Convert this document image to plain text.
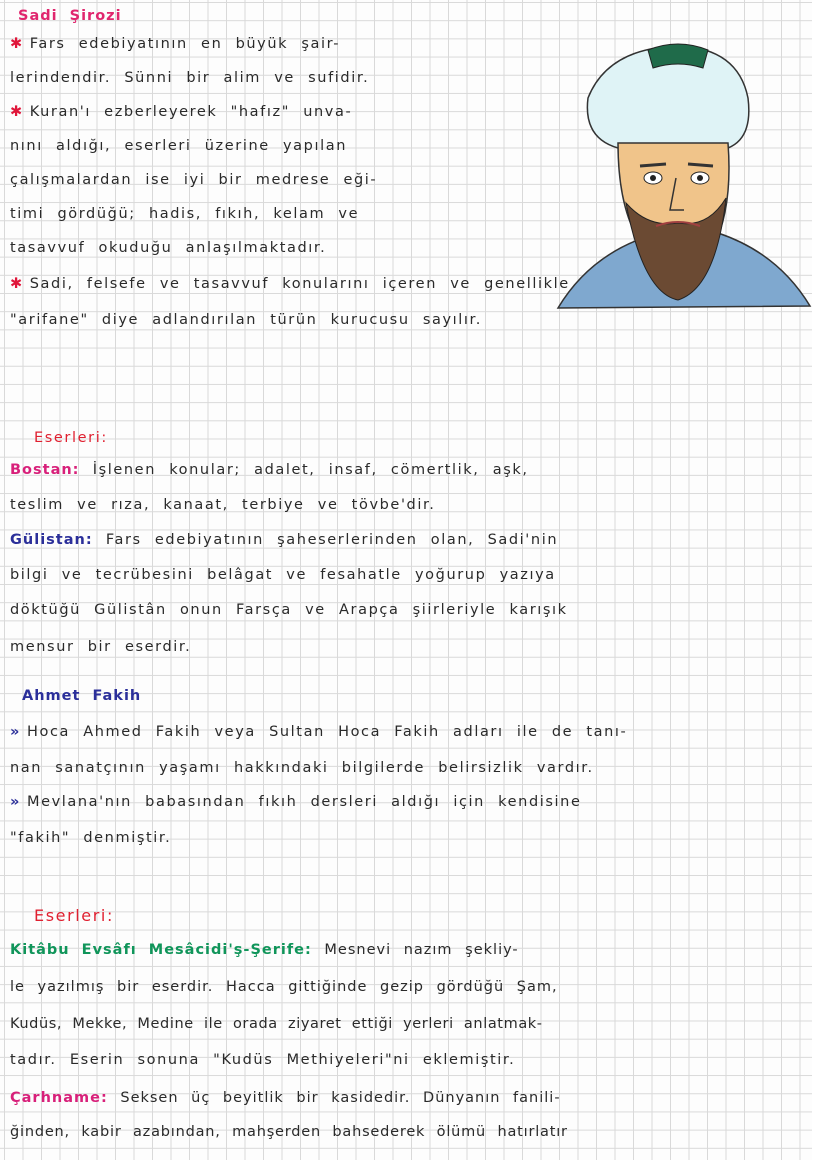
Sadi Şirozi
✱ Fars edebiyatının en büyük şair-
lerindendir. Sünni bir alim ve sufidir.
✱ Kuran'ı ezberleyerek "hafız" unva-
nını aldığı, eserleri üzerine yapılan
çalışmalardan ise iyi bir medrese eği-
timi gördüğü; hadis, fıkıh, kelam ve
tasavvuf okuduğu anlaşılmaktadır.
✱ Sadi, felsefe ve tasavvuf konularını içeren ve genellikle
"arifane" diye adlandırılan türün kurucusu sayılır.
Eserleri:
Bostan: İşlenen konular; adalet, insaf, cömertlik, aşk,
teslim ve rıza, kanaat, terbiye ve tövbe'dir.
Gülistan: Fars edebiyatının şaheserlerinden olan, Sadi'nin
bilgi ve tecrübesini belâgat ve fesahatle yoğurup yazıya
döktüğü Gülistân onun Farsça ve Arapça şiirleriyle karışık
mensur bir eserdir.
Ahmet Fakih
» Hoca Ahmed Fakih veya Sultan Hoca Fakih adları ile de tanı-
nan sanatçının yaşamı hakkındaki bilgilerde belirsizlik vardır.
» Mevlana'nın babasından fıkıh dersleri aldığı için kendisine
"fakih" denmiştir.
Eserleri:
Kitâbu Evsâfı Mesâcidi'ş-Şerife: Mesnevi nazım şekliy-
le yazılmış bir eserdir. Hacca gittiğinde gezip gördüğü Şam,
Kudüs, Mekke, Medine ile orada ziyaret ettiği yerleri anlatmak-
tadır. Eserin sonuna "Kudüs Methiyeleri"ni eklemiştir.
Çarhname: Seksen üç beyitlik bir kasidedir. Dünyanın fanili-
ğinden, kabir azabından, mahşerden bahsederek ölümü hatırlatır
